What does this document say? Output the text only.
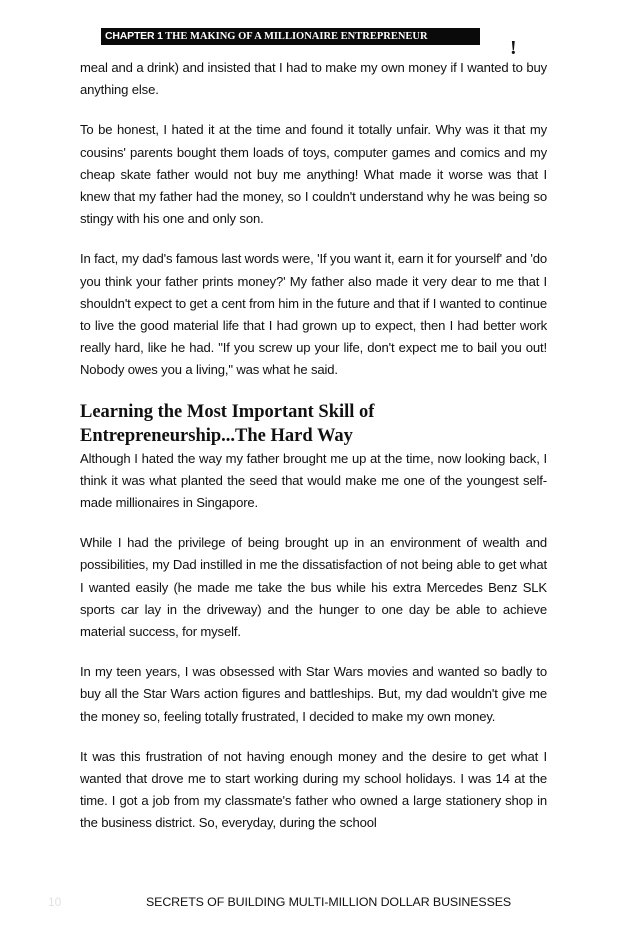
CHAPTER 1 THE MAKING OF A MILLIONAIRE ENTREPRENEUR
!

meal and a drink) and insisted that I had to make my own money if I wanted to buy anything else.

To be honest, I hated it at the time and found it totally unfair. Why was it that my cousins' parents bought them loads of toys, computer games and comics and my cheap skate father would not buy me anything! What made it worse was that I knew that my father had the money, so I couldn't understand why he was being so stingy with his one and only son.

In fact, my dad's famous last words were, 'If you want it, earn it for yourself' and 'do you think your father prints money?' My father also made it very dear to me that I shouldn't expect to get a cent from him in the future and that if I wanted to continue to live the good material life that I had grown up to expect, then I had better work really hard, like he had. "If you screw up your life, don't expect me to bail you out! Nobody owes you a living," was what he said.

Learning the Most Important Skill of Entrepreneurship...The Hard Way

Although I hated the way my father brought me up at the time, now looking back, I think it was what planted the seed that would make me one of the youngest self-made millionaires in Singapore.

While I had the privilege of being brought up in an environment of wealth and possibilities, my Dad instilled in me the dissatisfaction of not being able to get what I wanted easily (he made me take the bus while his extra Mercedes Benz SLK sports car lay in the driveway) and the hunger to one day be able to achieve material success, for myself.

In my teen years, I was obsessed with Star Wars movies and wanted so badly to buy all the Star Wars action figures and battleships. But, my dad wouldn't give me the money so, feeling totally frustrated, I decided to make my own money.

It was this frustration of not having enough money and the desire to get what I wanted that drove me to start working during my school holidays. I was 14 at the time. I got a job from my classmate's father who owned a large stationery shop in the business district. So, everyday, during the school

10	SECRETS OF BUILDING MULTI-MILLION DOLLAR BUSINESSES
